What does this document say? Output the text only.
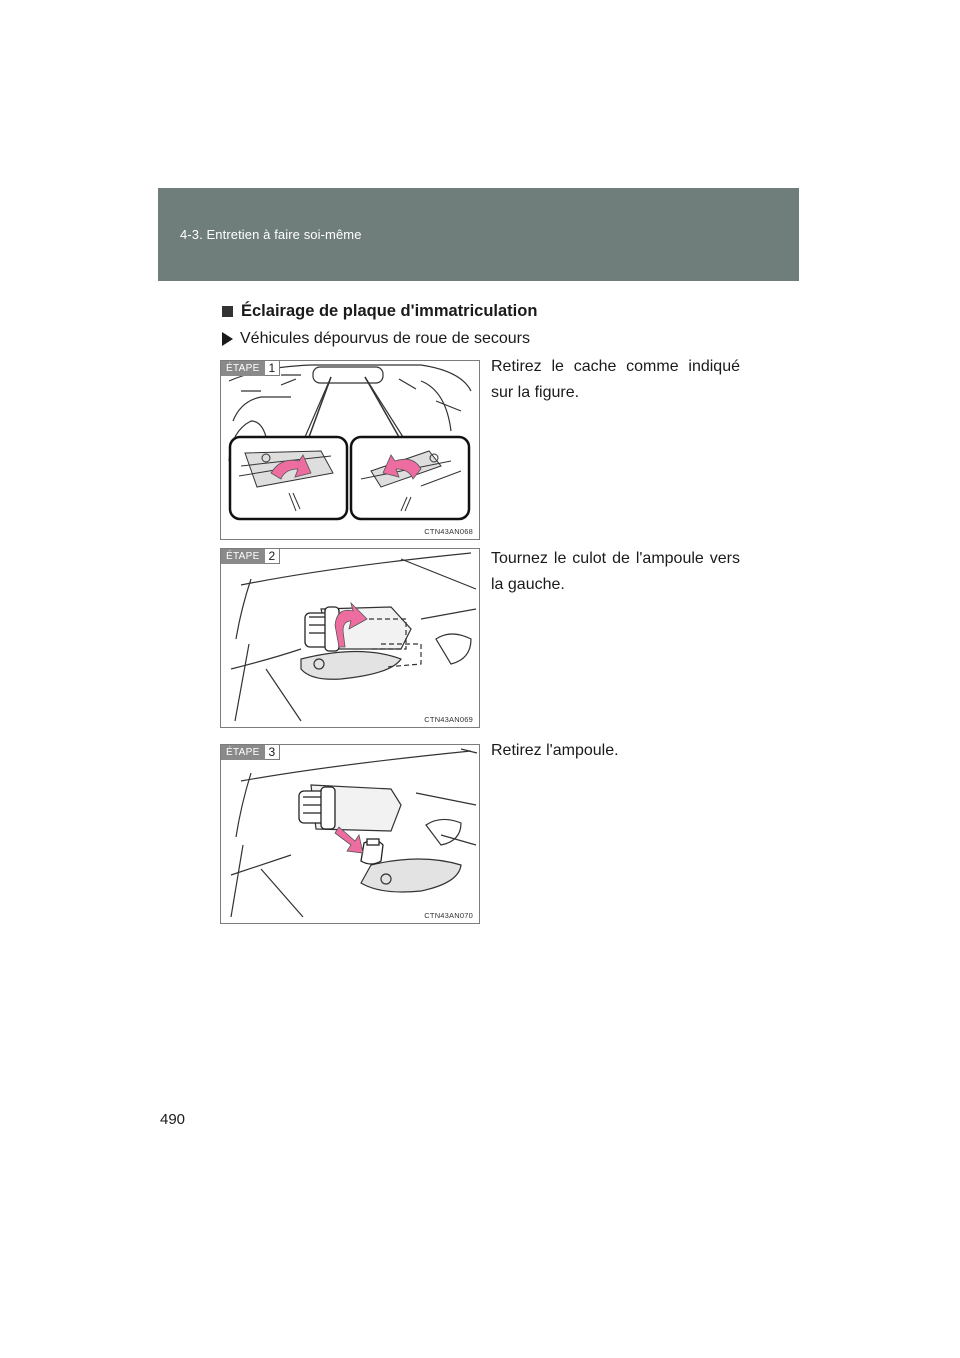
4-3. Entretien à faire soi-même
Éclairage de plaque d'immatriculation
Véhicules dépourvus de roue de secours
ÉTAPE 1
CTN43AN068
Retirez le cache comme indiqué sur la figure.
ÉTAPE 2
CTN43AN069
Tournez le culot de l'ampoule vers la gauche.
ÉTAPE 3
CTN43AN070
Retirez l'ampoule.
490
